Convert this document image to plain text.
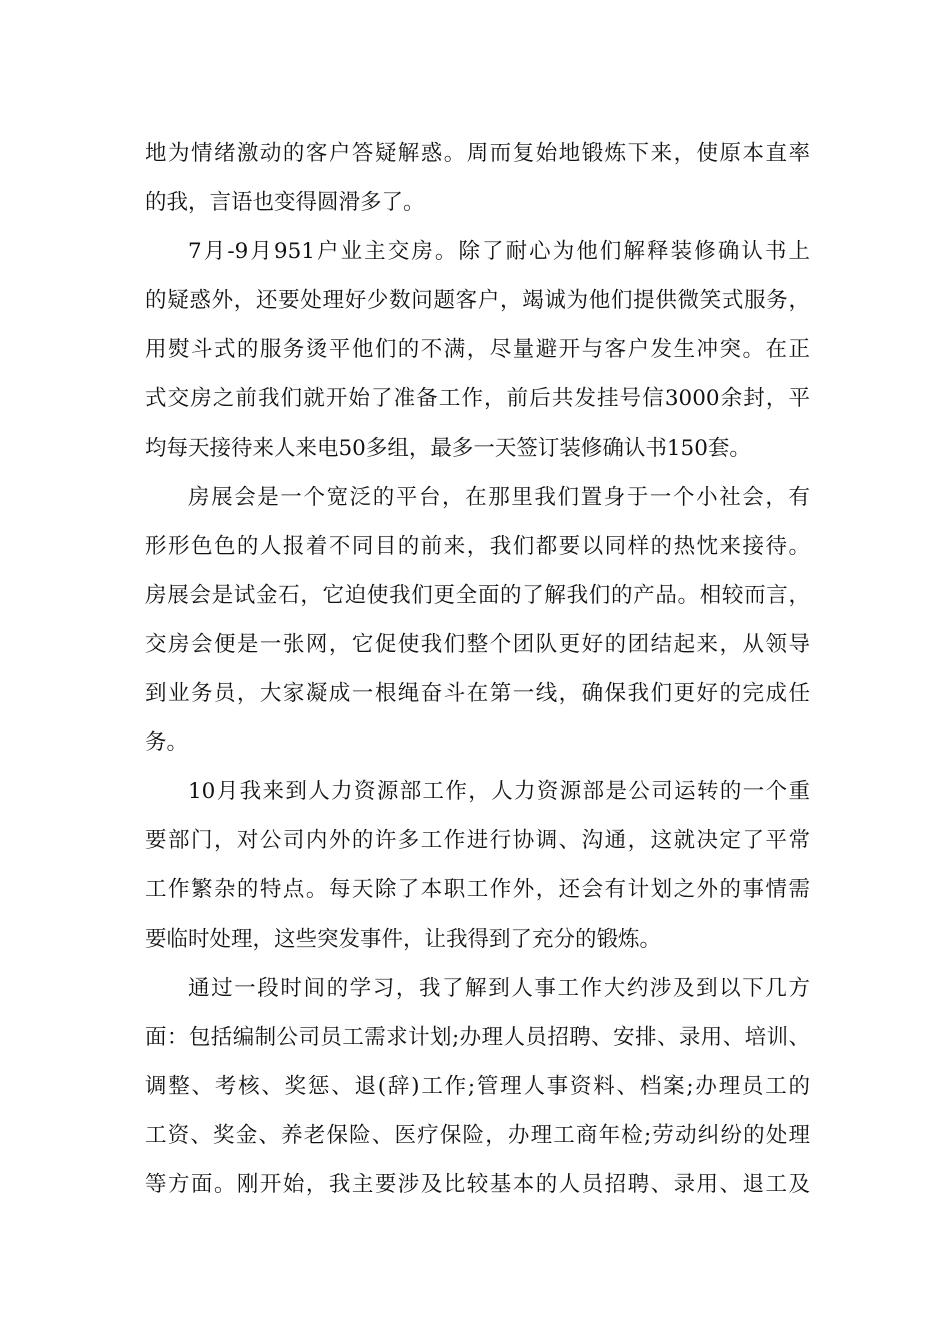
地为情绪激动的客户答疑解惑。周而复始地锻炼下来，使原本直率
的我，言语也变得圆滑多了。
7月-9月951户业主交房。除了耐心为他们解释装修确认书上
的疑惑外，还要处理好少数问题客户，竭诚为他们提供微笑式服务，
用熨斗式的服务烫平他们的不满，尽量避开与客户发生冲突。在正
式交房之前我们就开始了准备工作，前后共发挂号信3000余封，平
均每天接待来人来电50多组，最多一天签订装修确认书150套。
房展会是一个宽泛的平台，在那里我们置身于一个小社会，有
形形色色的人报着不同目的前来，我们都要以同样的热忱来接待。
房展会是试金石，它迫使我们更全面的了解我们的产品。相较而言，
交房会便是一张网，它促使我们整个团队更好的团结起来，从领导
到业务员，大家凝成一根绳奋斗在第一线，确保我们更好的完成任
务。
10月我来到人力资源部工作，人力资源部是公司运转的一个重
要部门，对公司内外的许多工作进行协调、沟通，这就决定了平常
工作繁杂的特点。每天除了本职工作外，还会有计划之外的事情需
要临时处理，这些突发事件，让我得到了充分的锻炼。
通过一段时间的学习，我了解到人事工作大约涉及到以下几方
面：包括编制公司员工需求计划;办理人员招聘、安排、录用、培训、
调整、考核、奖惩、退(辞)工作;管理人事资料、档案;办理员工的
工资、奖金、养老保险、医疗保险，办理工商年检;劳动纠纷的处理
等方面。刚开始，我主要涉及比较基本的人员招聘、录用、退工及
